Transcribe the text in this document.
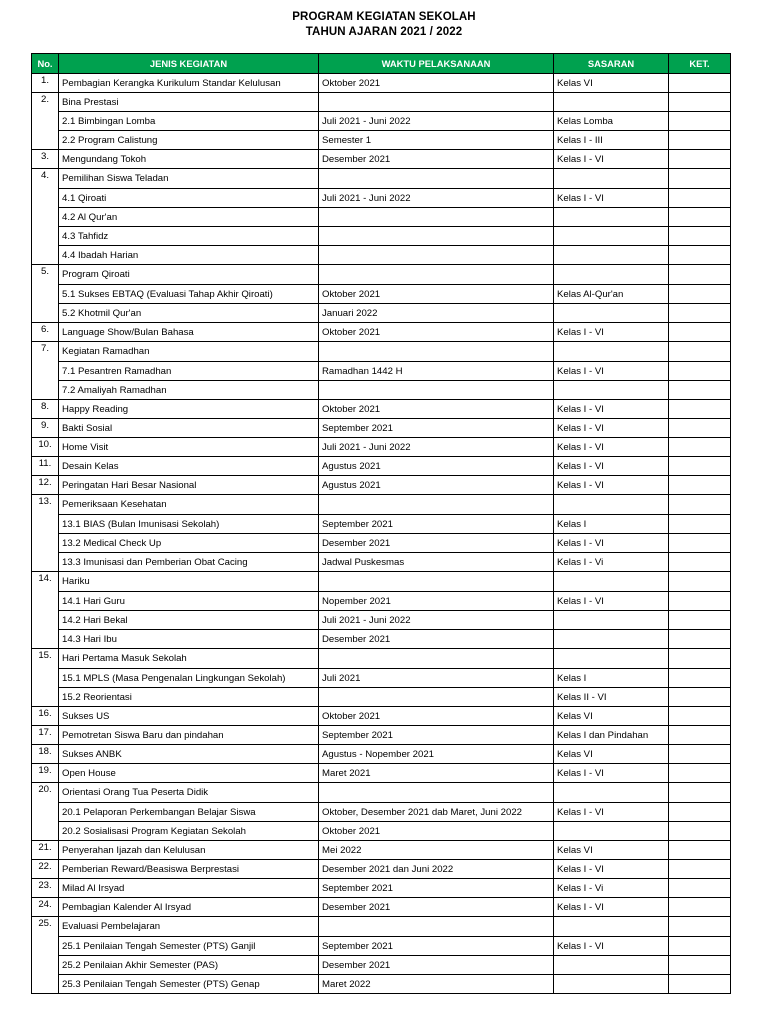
PROGRAM KEGIATAN SEKOLAH
TAHUN AJARAN 2021 / 2022
No.	JENIS KEGIATAN	WAKTU PELAKSANAAN	SASARAN	KET.
1.	Pembagian Kerangka Kurikulum Standar Kelulusan	Oktober 2021	Kelas VI	
2.	Bina Prestasi			
	2.1 Bimbingan Lomba	Juli 2021 - Juni 2022	Kelas Lomba	
	2.2 Program Calistung	Semester 1	Kelas I - III	
3.	Mengundang Tokoh	Desember 2021	Kelas I - VI	
4.	Pemilihan Siswa Teladan			
	4.1 Qiroati	Juli 2021 - Juni 2022	Kelas I - VI	
	4.2 Al Qur'an			
	4.3 Tahfidz			
	4.4 Ibadah Harian			
5.	Program Qiroati			
	5.1 Sukses EBTAQ (Evaluasi Tahap Akhir Qiroati)	Oktober 2021	Kelas Al-Qur'an	
	5.2 Khotmil Qur'an	Januari 2022		
6.	Language Show/Bulan Bahasa	Oktober 2021	Kelas I - VI	
7.	Kegiatan Ramadhan			
	7.1 Pesantren Ramadhan	Ramadhan 1442 H	Kelas I - VI	
	7.2 Amaliyah Ramadhan			
8.	Happy Reading	Oktober 2021	Kelas I - VI	
9.	Bakti Sosial	September 2021	Kelas I - VI	
10.	Home Visit	Juli 2021 - Juni 2022	Kelas I - VI	
11.	Desain Kelas	Agustus 2021	Kelas I - VI	
12.	Peringatan Hari Besar Nasional	Agustus 2021	Kelas I - VI	
13.	Pemeriksaan Kesehatan			
	13.1 BIAS (Bulan Imunisasi Sekolah)	September 2021	Kelas I	
	13.2 Medical Check Up	Desember 2021	Kelas I - VI	
	13.3 Imunisasi dan Pemberian Obat Cacing	Jadwal Puskesmas	Kelas I - Vi	
14.	Hariku			
	14.1 Hari Guru	Nopember 2021	Kelas I - VI	
	14.2 Hari Bekal	Juli 2021 - Juni 2022		
	14.3 Hari Ibu	Desember 2021		
15.	Hari Pertama Masuk Sekolah			
	15.1 MPLS (Masa Pengenalan Lingkungan Sekolah)	Juli 2021	Kelas I	
	15.2 Reorientasi		Kelas II - VI	
16.	Sukses US	Oktober 2021	Kelas VI	
17.	Pemotretan Siswa Baru dan pindahan	September 2021	Kelas I dan Pindahan	
18.	Sukses ANBK	Agustus - Nopember 2021	Kelas VI	
19.	Open House	Maret 2021	Kelas I - VI	
20.	Orientasi Orang Tua Peserta Didik			
	20.1 Pelaporan Perkembangan Belajar Siswa	Oktober, Desember 2021 dab Maret, Juni 2022	Kelas I - VI	
	20.2 Sosialisasi Program Kegiatan Sekolah	Oktober 2021		
21.	Penyerahan Ijazah dan Kelulusan	Mei 2022	Kelas VI	
22.	Pemberian Reward/Beasiswa Berprestasi	Desember 2021 dan Juni 2022	Kelas I - VI	
23.	Milad Al Irsyad	September 2021	Kelas I - Vi	
24.	Pembagian Kalender Al Irsyad	Desember 2021	Kelas I - VI	
25.	Evaluasi Pembelajaran			
	25.1 Penilaian Tengah Semester (PTS) Ganjil	September 2021	Kelas I - VI	
	25.2 Penilaian Akhir Semester (PAS)	Desember 2021		
	25.3 Penilaian Tengah Semester (PTS) Genap	Maret 2022		
